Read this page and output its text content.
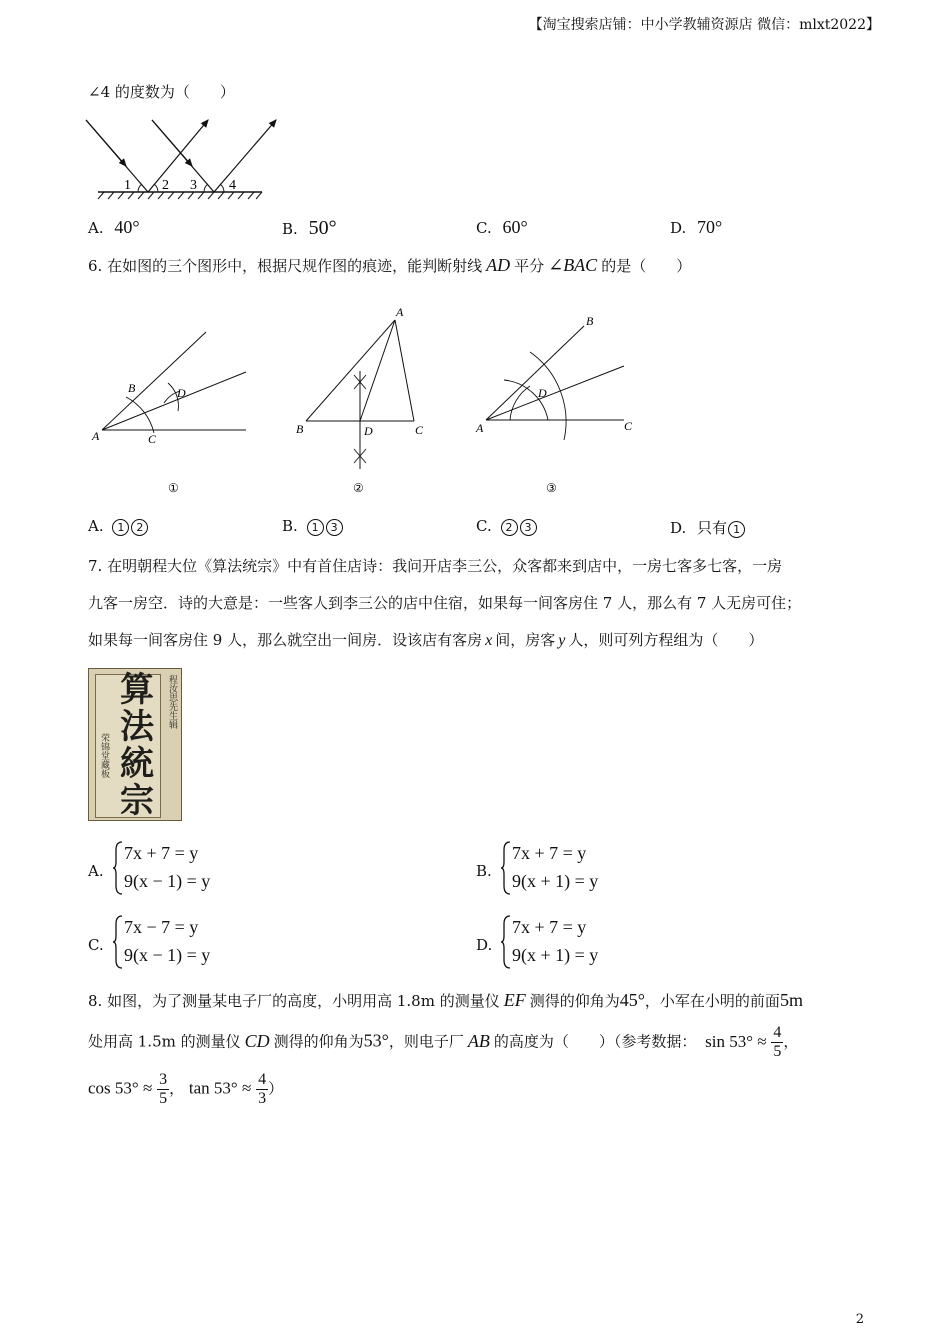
【淘宝搜索店铺：中小学教辅资源店 微信：mlxt2022】
∠4 的度数为（　　）
1 2 3 4
A. 40°	B. 50°	C. 60°	D. 70°
6. 在如图的三个图形中，根据尺规作图的痕迹，能判断射线 AD 平分 ∠BAC 的是（　　）
A
B
C
D
①
A
B	C
D
②
B
D
A	C
③
A. 1 2	B. 1 3	C. 2 3	D. 只有 1
7. 在明朝程大位《算法统宗》中有首住店诗：我问开店李三公，众客都来到店中，一房七客多七客，一房
九客一房空．诗的大意是：一些客人到李三公的店中住宿，如果每一间客房住 7 人，那么有 7 人无房可住；
如果每一间客房住 9 人，那么就空出一间房．设该店有客房 x 间，房客 y 人，则可列方程组为（　　）
算
法
統
宗
程汝思先生辑
荣锦堂藏板
A.
7x + 7 = y
9(x − 1) = y	B.
7x + 7 = y
9(x + 1) = y
C.
7x − 7 = y
9(x − 1) = y	D.
7x + 7 = y
9(x + 1) = y
8. 如图，为了测量某电子厂的高度，小明用高 1.8m 的测量仪 EF 测得的仰角为45°，小军在小明的前面5m
处用高 1.5m 的测量仪 CD 测得的仰角为53°，则电子厂 AB 的高度为（　　）（参考数据： $\sin 53^\circ \approx \frac{4}{5}$ ，
$\cos 53^\circ \approx \frac{3}{5}$ ， $\tan 53^\circ \approx \frac{4}{3}$ ）
2
